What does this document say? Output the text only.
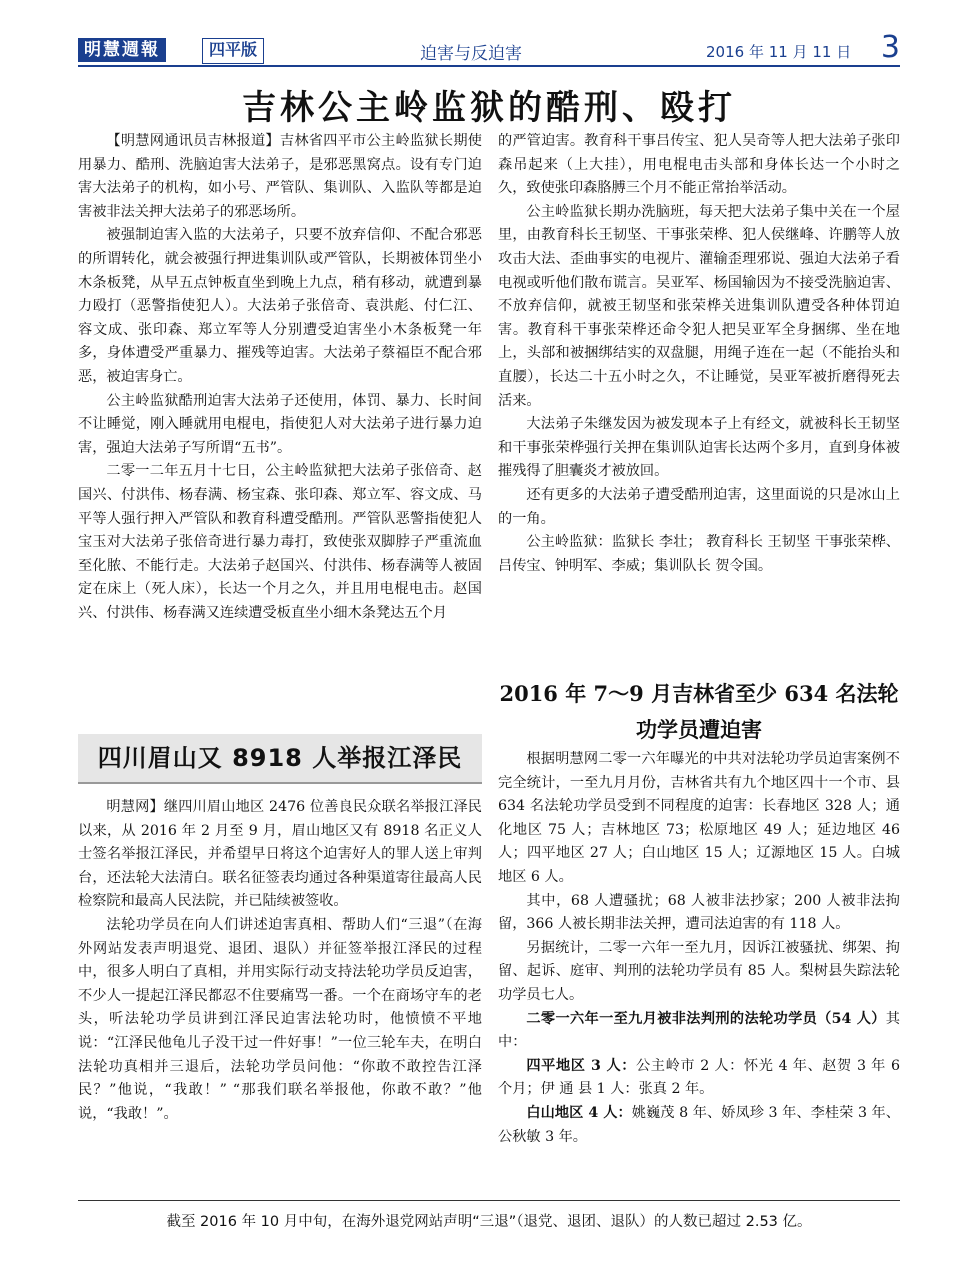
明慧週報	四平版	迫害与反迫害	2016 年 11 月 11 日 3
吉林公主岭监狱的酷刑、殴打

【明慧网通讯员吉林报道】吉林省四平市公主岭监狱长期使用暴力、酷刑、洗脑迫害大法弟子，是邪恶黑窝点。设有专门迫害大法弟子的机构，如小号、严管队、集训队、入监队等都是迫害被非法关押大法弟子的邪恶场所。

被强制迫害入监的大法弟子，只要不放弃信仰、不配合邪恶的所谓转化，就会被强行押进集训队或严管队，长期被体罚坐小木条板凳，从早五点钟板直坐到晚上九点，稍有移动，就遭到暴力殴打（恶警指使犯人）。大法弟子张倍奇、袁洪彪、付仁江、容文成、张印森、郑立军等人分别遭受迫害坐小木条板凳一年多，身体遭受严重暴力、摧残等迫害。大法弟子蔡福臣不配合邪恶，被迫害身亡。

公主岭监狱酷刑迫害大法弟子还使用，体罚、暴力、长时间不让睡觉，刚入睡就用电棍电，指使犯人对大法弟子进行暴力迫害，强迫大法弟子写所谓“五书”。

二零一二年五月十七日，公主岭监狱把大法弟子张倍奇、赵国兴、付洪伟、杨春满、杨宝森、张印森、郑立军、容文成、马平等人强行押入严管队和教育科遭受酷刑。严管队恶警指使犯人宝玉对大法弟子张倍奇进行暴力毒打，致使张双脚脖子严重流血至化脓、不能行走。大法弟子赵国兴、付洪伟、杨春满等人被固定在床上（死人床），长达一个月之久，并且用电棍电击。赵国兴、付洪伟、杨春满又连续遭受板直坐小细木条凳达五个月

的严管迫害。教育科干事吕传宝、犯人吴奇等人把大法弟子张印森吊起来（上大挂），用电棍电击头部和身体长达一个小时之久，致使张印森胳膊三个月不能正常抬举活动。

公主岭监狱长期办洗脑班，每天把大法弟子集中关在一个屋里，由教育科长王韧坚、干事张荣桦、犯人侯继峰、许鹏等人放攻击大法、歪曲事实的电视片、灌输歪理邪说、强迫大法弟子看电视或听他们散布谎言。吴亚军、杨国输因为不接受洗脑迫害、不放弃信仰，就被王韧坚和张荣桦关进集训队遭受各种体罚迫害。教育科干事张荣桦还命令犯人把吴亚军全身捆绑、坐在地上，头部和被捆绑结实的双盘腿，用绳子连在一起（不能抬头和直腰），长达二十五小时之久，不让睡觉，吴亚军被折磨得死去活来。

大法弟子朱继发因为被发现本子上有经文，就被科长王韧坚和干事张荣桦强行关押在集训队迫害长达两个多月，直到身体被摧残得了胆囊炎才被放回。

还有更多的大法弟子遭受酷刑迫害，这里面说的只是冰山上的一角。

公主岭监狱：监狱长 李壮； 教育科长 王韧坚 干事张荣桦、吕传宝、钟明军、李威；集训队长 贺令国。

四川眉山又 8918 人举报江泽民

明慧网】继四川眉山地区 2476 位善良民众联名举报江泽民以来，从 2016 年 2 月至 9 月，眉山地区又有 8918 名正义人士签名举报江泽民，并希望早日将这个迫害好人的罪人送上审判台，还法轮大法清白。联名征签表均通过各种渠道寄往最高人民检察院和最高人民法院，并已陆续被签收。

法轮功学员在向人们讲述迫害真相、帮助人们“三退”（在海外网站发表声明退党、退团、退队）并征签举报江泽民的过程中，很多人明白了真相，并用实际行动支持法轮功学员反迫害，不少人一提起江泽民都忍不住要痛骂一番。一个在商场守车的老头，听法轮功学员讲到江泽民迫害法轮功时，他愤愤不平地说：“江泽民他龟儿子没干过一件好事！”一位三轮车夫，在明白法轮功真相并三退后，法轮功学员问他：“你敢不敢控告江泽民？”他说，“我敢！” “那我们联名举报他，你敢不敢？”他说，“我敢！”。

2016 年 7～9 月吉林省至少 634 名法轮功学员遭迫害

根据明慧网二零一六年曝光的中共对法轮功学员迫害案例不完全统计，一至九月月份，吉林省共有九个地区四十一个市、县 634 名法轮功学员受到不同程度的迫害：长春地区 328 人；通化地区 75 人；吉林地区 73；松原地区 49 人；延边地区 46 人；四平地区 27 人；白山地区 15 人；辽源地区 15 人。白城地区 6 人。

其中，68 人遭骚扰；68 人被非法抄家；200 人被非法拘留，366 人被长期非法关押，遭司法迫害的有 118 人。

另据统计，二零一六年一至九月，因诉江被骚扰、绑架、拘留、起诉、庭审、判刑的法轮功学员有 85 人。梨树县失踪法轮功学员七人。

二零一六年一至九月被非法判刑的法轮功学员（54 人）其中：

四平地区 3 人：公主岭市 2 人：怀光 4 年、赵贺 3 年 6 个月；伊 通 县 1 人：张真 2 年。

白山地区 4 人：姚巍茂 8 年、娇凤珍 3 年、李桂荣 3 年、公秋敏 3 年。

截至 2016 年 10 月中旬，在海外退党网站声明“三退”（退党、退团、退队）的人数已超过 2.53 亿。
